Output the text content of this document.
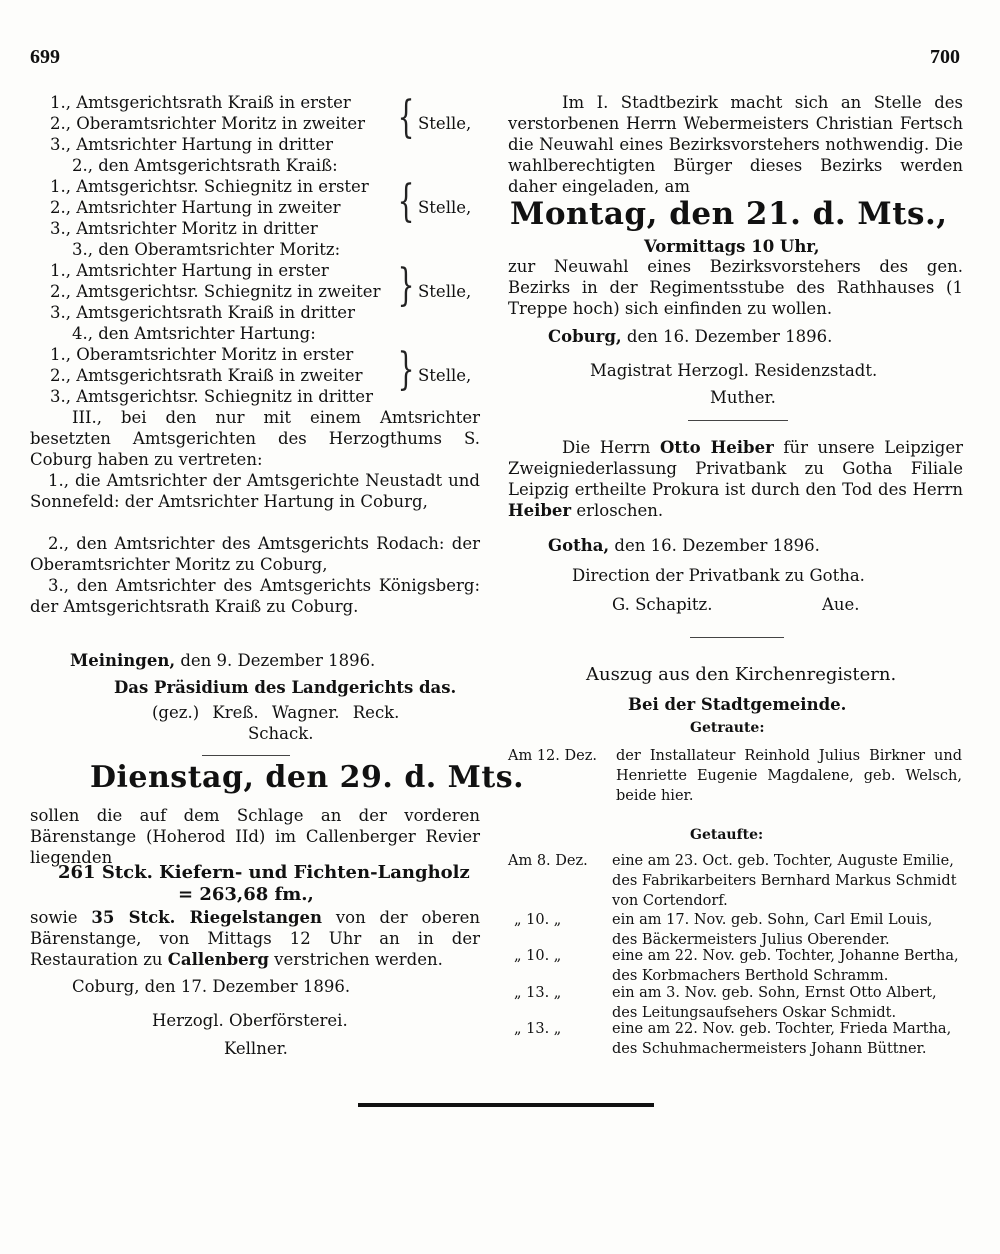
699	700
1., Amtsgerichtsrath Kraiß in erster
2., Oberamtsrichter Moritz in zweiter
3., Amtsrichter Hartung in dritter
{ Stelle,
2., den Amtsgerichtsrath Kraiß:
1., Amtsgerichtsr. Schiegnitz in erster
2., Amtsrichter Hartung in zweiter
3., Amtsrichter Moritz in dritter
{ Stelle,
3., den Oberamtsrichter Moritz:
1., Amtsrichter Hartung in erster
2., Amtsgerichtsr. Schiegnitz in zweiter
3., Amtsgerichtsrath Kraiß in dritter
} Stelle,
4., den Amtsrichter Hartung:
1., Oberamtsrichter Moritz in erster
2., Amtsgerichtsrath Kraiß in zweiter
3., Amtsgerichtsr. Schiegnitz in dritter
} Stelle,
III., bei den nur mit einem Amtsrichter besetzten Amtsgerichten des Herzogthums S. Coburg haben zu vertreten:
1., die Amtsrichter der Amtsgerichte Neustadt und Sonnefeld: der Amtsrichter Hartung in Coburg,
2., den Amtsrichter des Amtsgerichts Rodach: der Oberamtsrichter Moritz zu Coburg,
3., den Amtsrichter des Amtsgerichts Königsberg: der Amtsgerichtsrath Kraiß zu Coburg.
Meiningen, den 9. Dezember 1896.
Das Präsidium des Landgerichts das.
(gez.) Kreß. Wagner. Reck.
Schack.
Dienstag, den 29. d. Mts.
sollen die auf dem Schlage an der vorderen Bärenstange (Hoherod IId) im Callenberger Revier liegenden
261 Stck. Kiefern- und Fichten-Langholz
= 263,68 fm.,
sowie 35 Stck. Riegelstangen von der oberen Bärenstange, von Mittags 12 Uhr an in der Restauration zu Callenberg verstrichen werden.
Coburg, den 17. Dezember 1896.
Herzogl. Oberförsterei.
Kellner.
Im I. Stadtbezirk macht sich an Stelle des verstorbenen Herrn Webermeisters Christian Fertsch die Neuwahl eines Bezirksvorstehers nothwendig. Die wahlberechtigten Bürger dieses Bezirks werden daher eingeladen, am
Montag, den 21. d. Mts.,
Vormittags 10 Uhr,
zur Neuwahl eines Bezirksvorstehers des gen. Bezirks in der Regimentsstube des Rathhauses (1 Treppe hoch) sich einfinden zu wollen.
Coburg, den 16. Dezember 1896.
Magistrat Herzogl. Residenzstadt.
Muther.
Die Herrn Otto Heiber für unsere Leipziger Zweigniederlassung Privatbank zu Gotha Filiale Leipzig ertheilte Prokura ist durch den Tod des Herrn Heiber erloschen.
Gotha, den 16. Dezember 1896.
Direction der Privatbank zu Gotha.
G. Schapitz.	Aue.
Auszug aus den Kirchenregistern.
Bei der Stadtgemeinde.
Getraute:
Am 12. Dez. der Installateur Reinhold Julius Birkner und Henriette Eugenie Magdalene, geb. Welsch, beide hier.
Getaufte:
Am 8. Dez. eine am 23. Oct. geb. Tochter, Auguste Emilie,
des Fabrikarbeiters Bernhard Markus Schmidt
von Cortendorf.
„ 10. „	ein am 17. Nov. geb. Sohn, Carl Emil Louis,
des Bäckermeisters Julius Oberender.
„ 10. „	eine am 22. Nov. geb. Tochter, Johanne Bertha,
des Korbmachers Berthold Schramm.
„ 13. „	ein am 3. Nov. geb. Sohn, Ernst Otto Albert,
des Leitungsaufsehers Oskar Schmidt.
„ 13. „	eine am 22. Nov. geb. Tochter, Frieda Martha,
des Schuhmachermeisters Johann Büttner.
